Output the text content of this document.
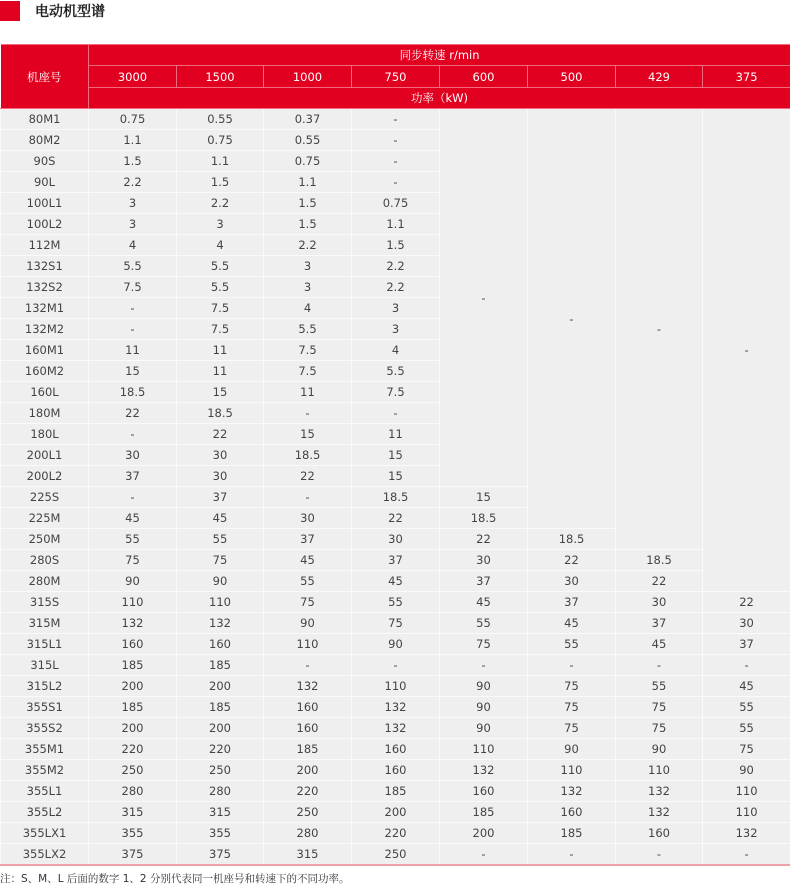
电动机型谱
机座号	同步转速 r/min							
	3000	1500	1000	750	600	500	429	375
	功率（kW)							
80M1	0.75	0.55	0.37	-	-	-	-	-
80M2	1.1	0.75	0.55	-				
90S	1.5	1.1	0.75	-				
90L	2.2	1.5	1.1	-				
100L1	3	2.2	1.5	0.75				
100L2	3	3	1.5	1.1				
112M	4	4	2.2	1.5				
132S1	5.5	5.5	3	2.2				
132S2	7.5	5.5	3	2.2				
132M1	-	7.5	4	3				
132M2	-	7.5	5.5	3				
160M1	11	11	7.5	4				
160M2	15	11	7.5	5.5				
160L	18.5	15	11	7.5				
180M	22	18.5	-	-				
180L	-	22	15	11				
200L1	30	30	18.5	15				
200L2	37	30	22	15				
225S	-	37	-	18.5	15			
225M	45	45	30	22	18.5			
250M	55	55	37	30	22	18.5		
280S	75	75	45	37	30	22	18.5	
280M	90	90	55	45	37	30	22	
315S	110	110	75	55	45	37	30	22
315M	132	132	90	75	55	45	37	30
315L1	160	160	110	90	75	55	45	37
315L	185	185	-	-	-	-	-	-
315L2	200	200	132	110	90	75	55	45
355S1	185	185	160	132	90	75	75	55
355S2	200	200	160	132	90	75	75	55
355M1	220	220	185	160	110	90	90	75
355M2	250	250	200	160	132	110	110	90
355L1	280	280	220	185	160	132	132	110
355L2	315	315	250	200	185	160	132	110
355LX1	355	355	280	220	200	185	160	132
355LX2	375	375	315	250	-	-	-	-
注：S、M、L 后面的数字 1、2 分别代表同一机座号和转速下的不同功率。
